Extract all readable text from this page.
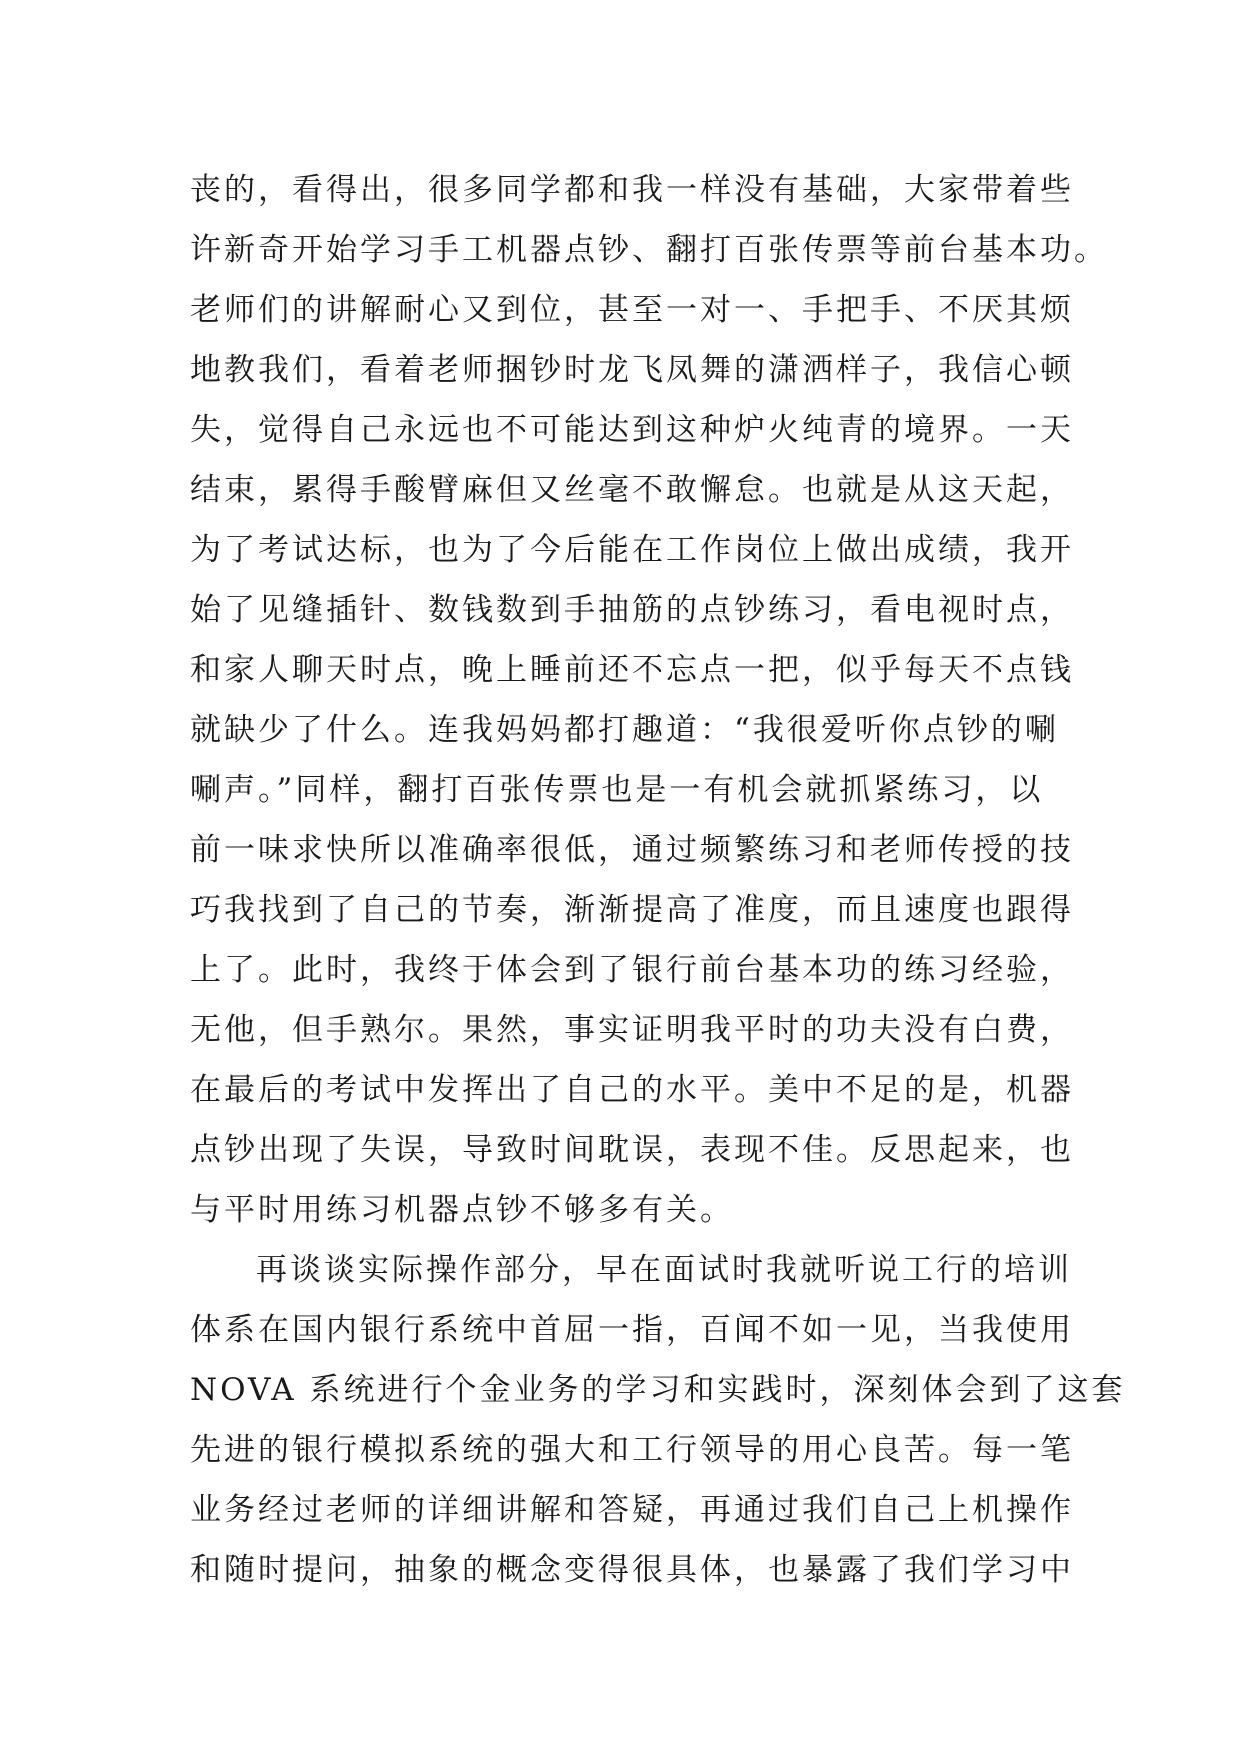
丧的，看得出，很多同学都和我一样没有基础，大家带着些
许新奇开始学习手工机器点钞、翻打百张传票等前台基本功。
老师们的讲解耐心又到位，甚至一对一、手把手、不厌其烦
地教我们，看着老师捆钞时龙飞凤舞的潇洒样子，我信心顿
失，觉得自己永远也不可能达到这种炉火纯青的境界。一天
结束，累得手酸臂麻但又丝毫不敢懈怠。也就是从这天起，
为了考试达标，也为了今后能在工作岗位上做出成绩，我开
始了见缝插针、数钱数到手抽筋的点钞练习，看电视时点，
和家人聊天时点，晚上睡前还不忘点一把，似乎每天不点钱
就缺少了什么。连我妈妈都打趣道：“我很爱听你点钞的唰
唰声。”同样，翻打百张传票也是一有机会就抓紧练习，以
前一味求快所以准确率很低，通过频繁练习和老师传授的技
巧我找到了自己的节奏，渐渐提高了准度，而且速度也跟得
上了。此时，我终于体会到了银行前台基本功的练习经验，
无他，但手熟尔。果然，事实证明我平时的功夫没有白费，
在最后的考试中发挥出了自己的水平。美中不足的是，机器
点钞出现了失误，导致时间耽误，表现不佳。反思起来，也
与平时用练习机器点钞不够多有关。
再谈谈实际操作部分，早在面试时我就听说工行的培训
体系在国内银行系统中首屈一指，百闻不如一见，当我使用
NOVA 系统进行个金业务的学习和实践时，深刻体会到了这套
先进的银行模拟系统的强大和工行领导的用心良苦。每一笔
业务经过老师的详细讲解和答疑，再通过我们自己上机操作
和随时提问，抽象的概念变得很具体，也暴露了我们学习中
